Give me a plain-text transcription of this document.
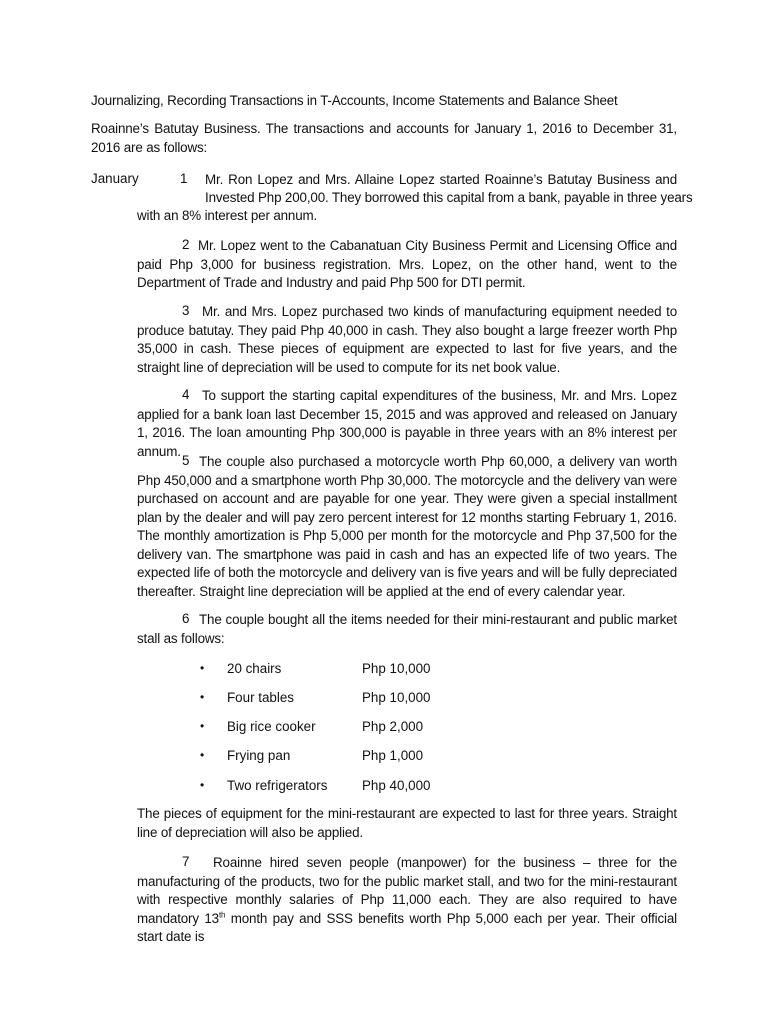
Journalizing, Recording Transactions in T-Accounts, Income Statements and Balance Sheet
Roainne’s Batutay Business. The transactions and accounts for January 1, 2016 to December 31, 2016 are as follows:
January	1 Mr. Ron Lopez and Mrs. Allaine Lopez started Roainne’s Batutay Business and
Invested Php 200,00. They borrowed this capital from a bank, payable in three years
with an 8% interest per annum.
2 Mr. Lopez went to the Cabanatuan City Business Permit and Licensing Office and paid Php 3,000 for business registration. Mrs. Lopez, on the other hand, went to the Department of Trade and Industry and paid Php 500 for DTI permit.
3 Mr. and Mrs. Lopez purchased two kinds of manufacturing equipment needed to produce batutay. They paid Php 40,000 in cash. They also bought a large freezer worth Php 35,000 in cash. These pieces of equipment are expected to last for five years, and the straight line of depreciation will be used to compute for its net book value.
4 To support the starting capital expenditures of the business, Mr. and Mrs. Lopez applied for a bank loan last December 15, 2015 and was approved and released on January 1, 2016. The loan amounting Php 300,000 is payable in three years with an 8% interest per annum.
5 The couple also purchased a motorcycle worth Php 60,000, a delivery van worth Php 450,000 and a smartphone worth Php 30,000. The motorcycle and the delivery van were purchased on account and are payable for one year. They were given a special installment plan by the dealer and will pay zero percent interest for 12 months starting February 1, 2016. The monthly amortization is Php 5,000 per month for the motorcycle and Php 37,500 for the delivery van. The smartphone was paid in cash and has an expected life of two years. The expected life of both the motorcycle and delivery van is five years and will be fully depreciated thereafter. Straight line depreciation will be applied at the end of every calendar year.
6 The couple bought all the items needed for their mini-restaurant and public market stall as follows:
• 20 chairs	Php 10,000
• Four tables	Php 10,000
• Big rice cooker	Php 2,000
• Frying pan	Php 1,000
• Two refrigerators	Php 40,000
The pieces of equipment for the mini-restaurant are expected to last for three years. Straight line of depreciation will also be applied.
7	Roainne hired seven people (manpower) for the business – three for the manufacturing of the products, two for the public market stall, and two for the mini-restaurant with respective monthly salaries of Php 11,000 each. They are also required to have mandatory 13th month pay and SSS benefits worth Php 5,000 each per year. Their official start date is
